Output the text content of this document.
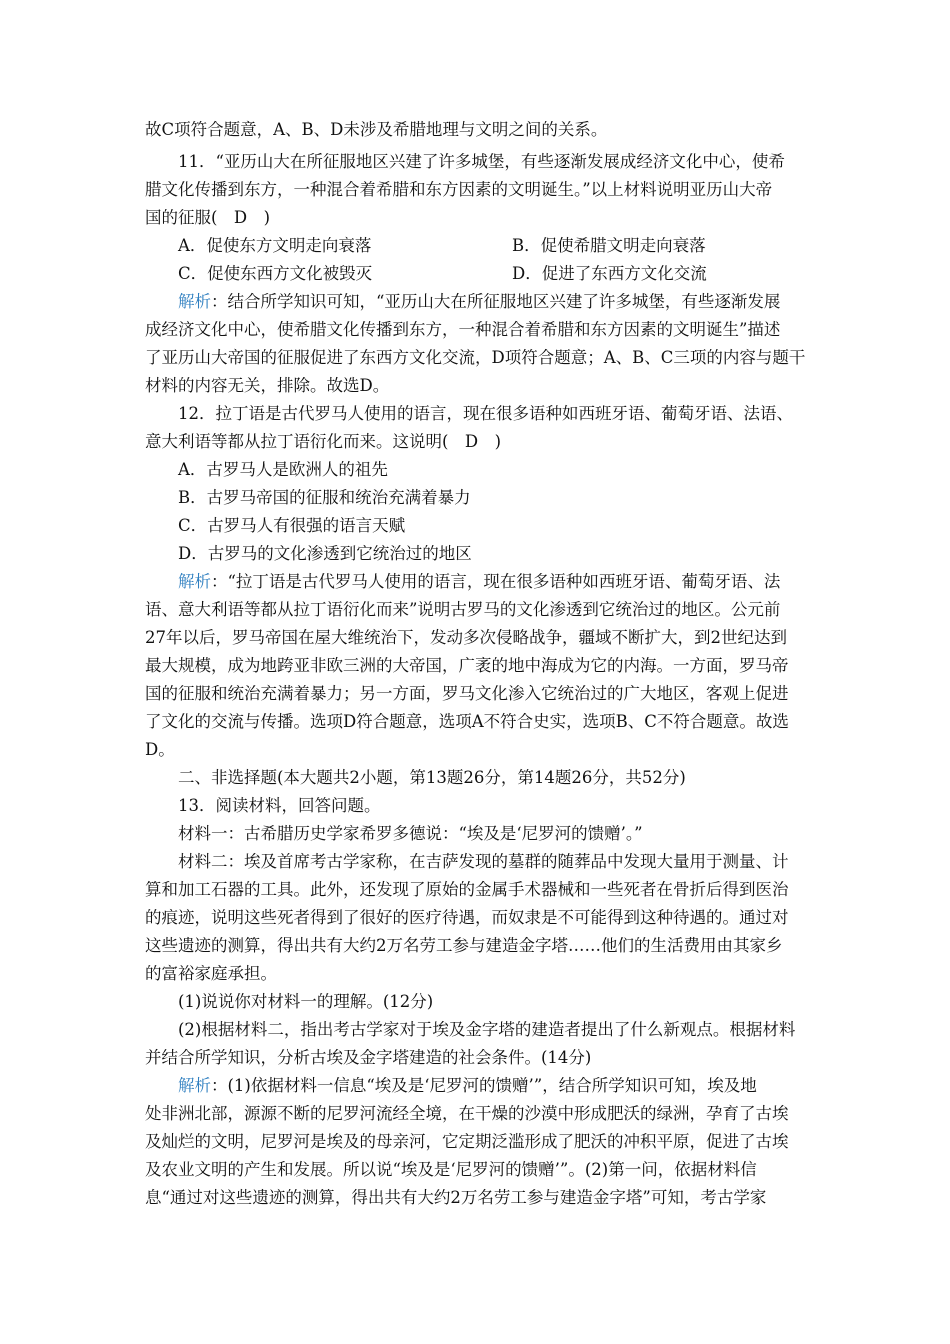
故C项符合题意，A、B、D未涉及希腊地理与文明之间的关系。
11．“亚历山大在所征服地区兴建了许多城堡，有些逐渐发展成经济文化中心，使希
腊文化传播到东方，一种混合着希腊和东方因素的文明诞生。”以上材料说明亚历山大帝
国的征服(　D　)
A．促使东方文明走向衰落	B．促使希腊文明走向衰落
C．促使东西方文化被毁灭	D．促进了东西方文化交流
解析：结合所学知识可知，“亚历山大在所征服地区兴建了许多城堡，有些逐渐发展
成经济文化中心，使希腊文化传播到东方，一种混合着希腊和东方因素的文明诞生”描述
了亚历山大帝国的征服促进了东西方文化交流，D项符合题意；A、B、C三项的内容与题干
材料的内容无关，排除。故选D。
12．拉丁语是古代罗马人使用的语言，现在很多语种如西班牙语、葡萄牙语、法语、
意大利语等都从拉丁语衍化而来。这说明(　D　)
A．古罗马人是欧洲人的祖先
B．古罗马帝国的征服和统治充满着暴力
C．古罗马人有很强的语言天赋
D．古罗马的文化渗透到它统治过的地区
解析：“拉丁语是古代罗马人使用的语言，现在很多语种如西班牙语、葡萄牙语、法
语、意大利语等都从拉丁语衍化而来”说明古罗马的文化渗透到它统治过的地区。公元前
27年以后，罗马帝国在屋大维统治下，发动多次侵略战争，疆域不断扩大，到2世纪达到
最大规模，成为地跨亚非欧三洲的大帝国，广袤的地中海成为它的内海。一方面，罗马帝
国的征服和统治充满着暴力；另一方面，罗马文化渗入它统治过的广大地区，客观上促进
了文化的交流与传播。选项D符合题意，选项A不符合史实，选项B、C不符合题意。故选
D。
二、非选择题(本大题共2小题，第13题26分，第14题26分，共52分)
13．阅读材料，回答问题。
材料一：古希腊历史学家希罗多德说：“埃及是‘尼罗河的馈赠’。”
材料二：埃及首席考古学家称，在吉萨发现的墓群的随葬品中发现大量用于测量、计
算和加工石器的工具。此外，还发现了原始的金属手术器械和一些死者在骨折后得到医治
的痕迹，说明这些死者得到了很好的医疗待遇，而奴隶是不可能得到这种待遇的。通过对
这些遗迹的测算，得出共有大约2万名劳工参与建造金字塔……他们的生活费用由其家乡
的富裕家庭承担。
(1)说说你对材料一的理解。(12分)
(2)根据材料二，指出考古学家对于埃及金字塔的建造者提出了什么新观点。根据材料
并结合所学知识，分析古埃及金字塔建造的社会条件。(14分)
解析：(1)依据材料一信息“埃及是‘尼罗河的馈赠’”，结合所学知识可知，埃及地
处非洲北部，源源不断的尼罗河流经全境，在干燥的沙漠中形成肥沃的绿洲，孕育了古埃
及灿烂的文明，尼罗河是埃及的母亲河，它定期泛滥形成了肥沃的冲积平原，促进了古埃
及农业文明的产生和发展。所以说“埃及是‘尼罗河的馈赠’”。(2)第一问，依据材料信
息“通过对这些遗迹的测算，得出共有大约2万名劳工参与建造金字塔”可知，考古学家
